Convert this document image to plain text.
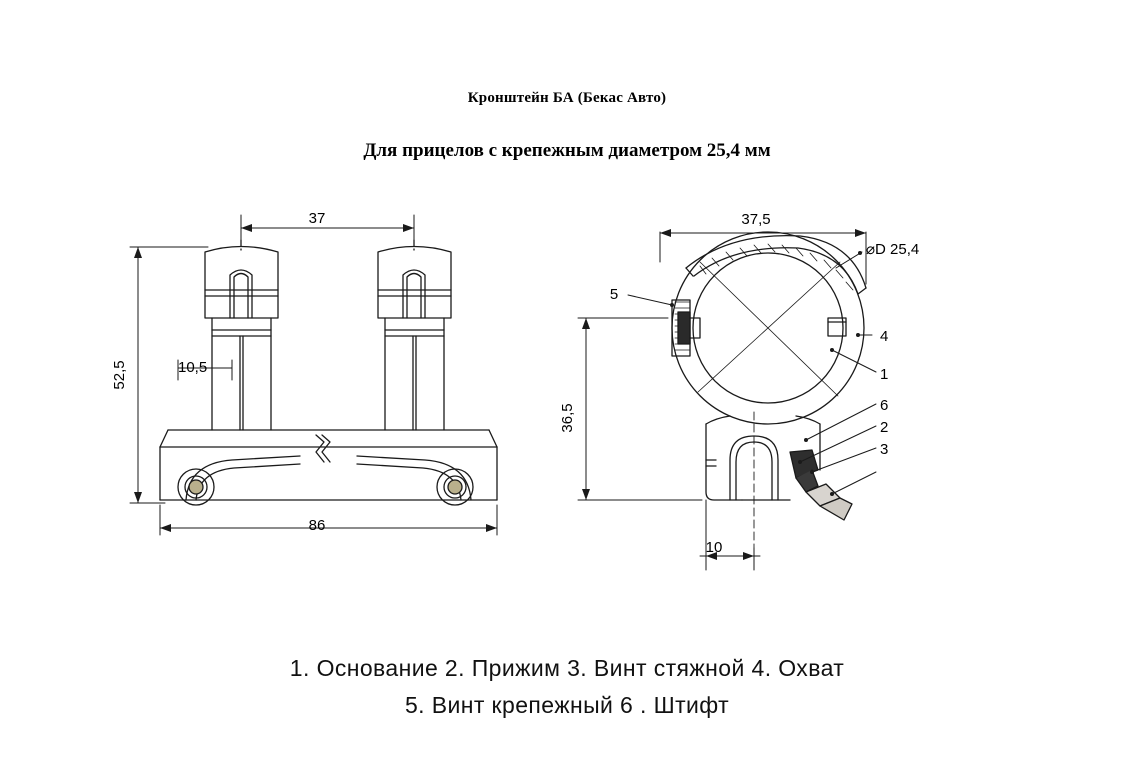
Кронштейн БА (Бекас Авто)
Для прицелов с крепежным диаметром 25,4 мм
37
52,5	10,5
86
37,5
⌀D 25,4
36,5
10
5
4
1
6
2
3
1. Основание 2. Прижим 3. Винт стяжной 4. Охват
5. Винт крепежный 6 . Штифт
